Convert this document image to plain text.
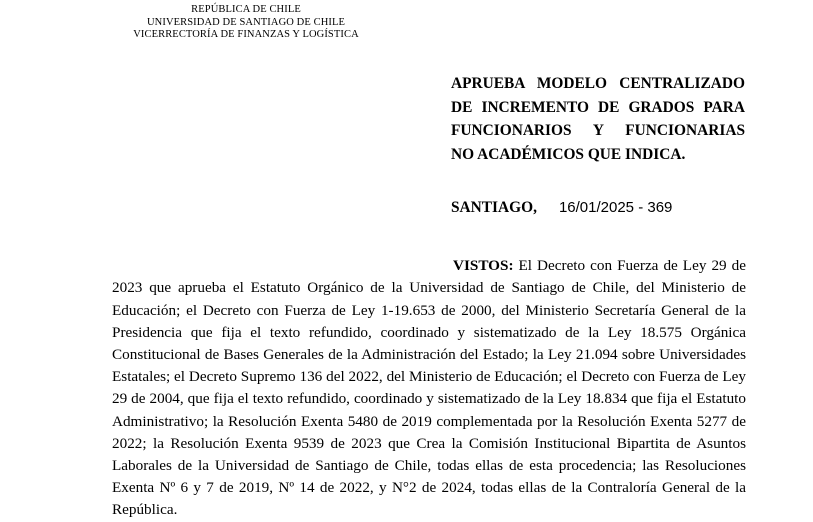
REPÚBLICA DE CHILE
UNIVERSIDAD DE SANTIAGO DE CHILE
VICERRECTORÍA DE FINANZAS Y LOGÍSTICA
APRUEBA MODELO CENTRALIZADO
DE INCREMENTO DE GRADOS PARA
FUNCIONARIOS Y FUNCIONARIAS
NO ACADÉMICOS QUE INDICA.
SANTIAGO, 16/01/2025 - 369

VISTOS: El Decreto con Fuerza de Ley 29 de 2023 que aprueba el Estatuto Orgánico de la Universidad de Santiago de Chile, del Ministerio de Educación; el Decreto con Fuerza de Ley 1-19.653 de 2000, del Ministerio Secretaría General de la Presidencia que fija el texto refundido, coordinado y sistematizado de la Ley 18.575 Orgánica Constitucional de Bases Generales de la Administración del Estado; la Ley 21.094 sobre Universidades Estatales; el Decreto Supremo 136 del 2022, del Ministerio de Educación; el Decreto con Fuerza de Ley 29 de 2004, que fija el texto refundido, coordinado y sistematizado de la Ley 18.834 que fija el Estatuto Administrativo; la Resolución Exenta 5480 de 2019 complementada por la Resolución Exenta 5277 de 2022; la Resolución Exenta 9539 de 2023 que Crea la Comisión Institucional Bipartita de Asuntos Laborales de la Universidad de Santiago de Chile, todas ellas de esta procedencia; las Resoluciones Exenta Nº 6 y 7 de 2019, Nº 14 de 2022, y N°2 de 2024, todas ellas de la Contraloría General de la República.
